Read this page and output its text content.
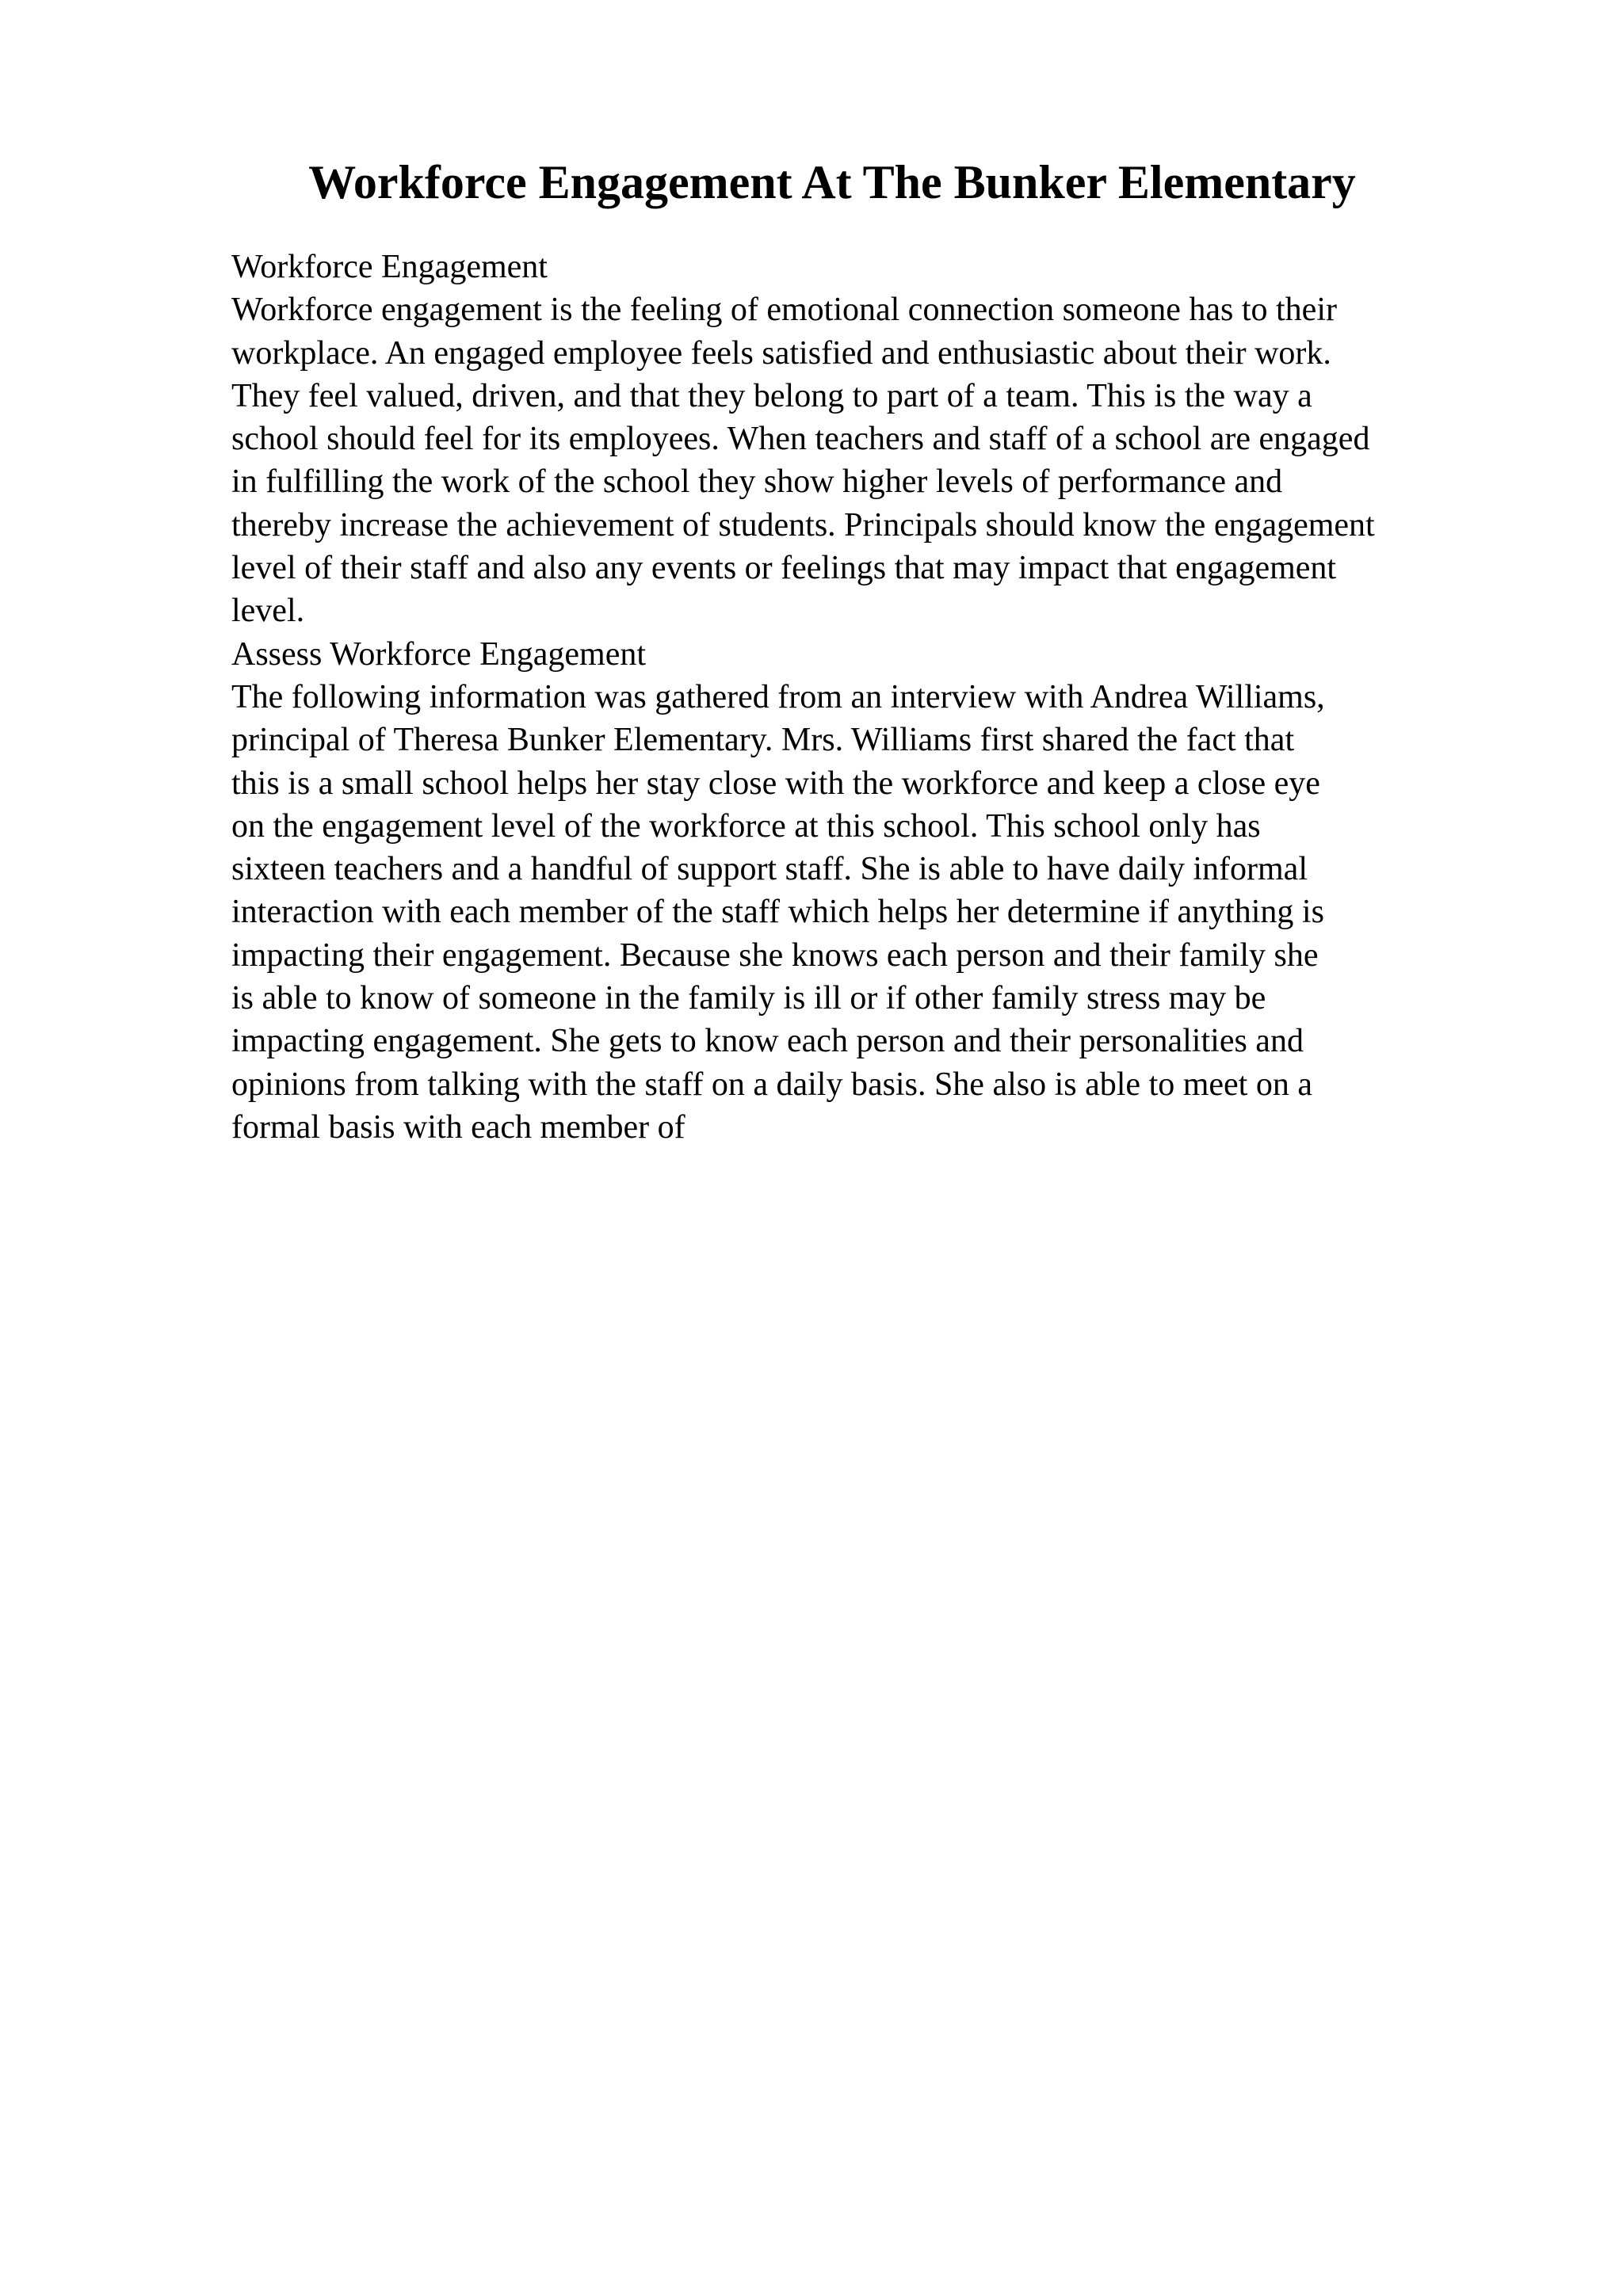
Workforce Engagement At The Bunker Elementary
Workforce Engagement
Workforce engagement is the feeling of emotional connection someone has to their
workplace. An engaged employee feels satisfied and enthusiastic about their work.
They feel valued, driven, and that they belong to part of a team. This is the way a
school should feel for its employees. When teachers and staff of a school are engaged
in fulfilling the work of the school they show higher levels of performance and
thereby increase the achievement of students. Principals should know the engagement
level of their staff and also any events or feelings that may impact that engagement
level.
Assess Workforce Engagement
The following information was gathered from an interview with Andrea Williams,
principal of Theresa Bunker Elementary. Mrs. Williams first shared the fact that
this is a small school helps her stay close with the workforce and keep a close eye
on the engagement level of the workforce at this school. This school only has
sixteen teachers and a handful of support staff. She is able to have daily informal
interaction with each member of the staff which helps her determine if anything is
impacting their engagement. Because she knows each person and their family she
is able to know of someone in the family is ill or if other family stress may be
impacting engagement. She gets to know each person and their personalities and
opinions from talking with the staff on a daily basis. She also is able to meet on a
formal basis with each member of
